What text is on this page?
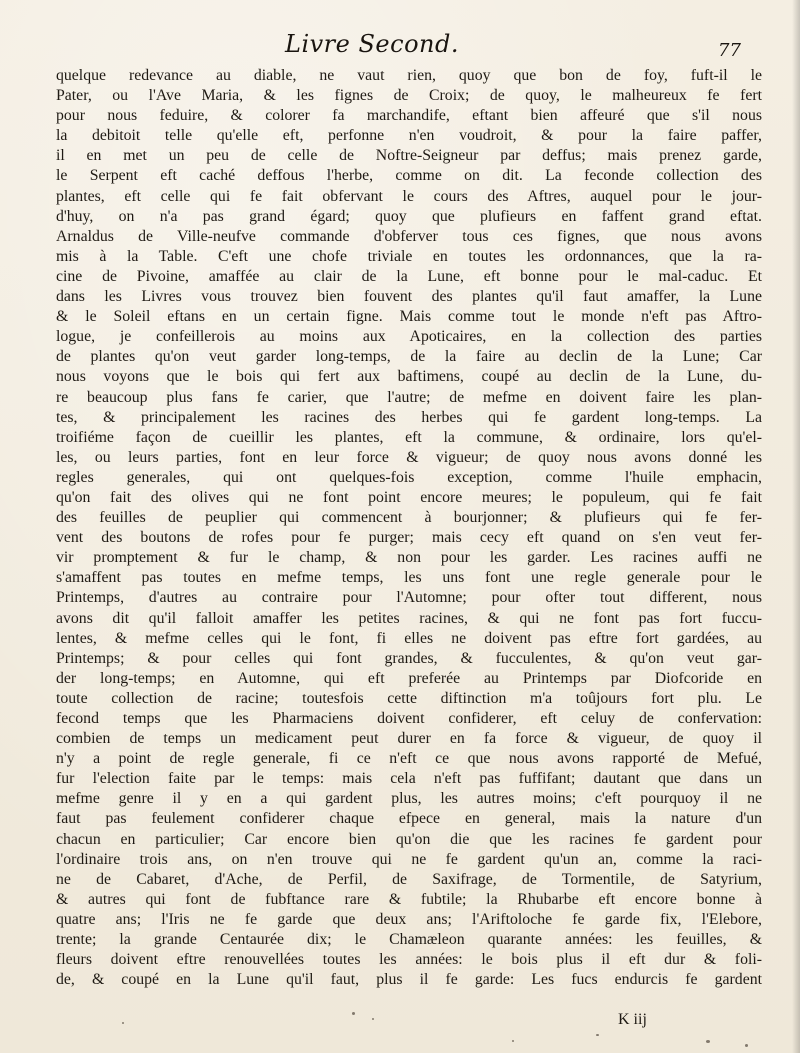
Livre Second.	77
quelque redevance au diable, ne vaut rien, quoy que bon de foy, fuft-il le
Pater, ou l'Ave Maria, & les fignes de Croix; de quoy, le malheureux fe fert
pour nous feduire, & colorer fa marchandife, eftant bien affeuré que s'il nous
la debitoit telle qu'elle eft, perfonne n'en voudroit, & pour la faire paffer,
il en met un peu de celle de Noftre-Seigneur par deffus; mais prenez garde,
le Serpent eft caché deffous l'herbe, comme on dit. La feconde collection des
plantes, eft celle qui fe fait obfervant le cours des Aftres, auquel pour le jour-
d'huy, on n'a pas grand égard; quoy que plufieurs en faffent grand eftat.
Arnaldus de Ville-neufve commande d'obferver tous ces fignes, que nous avons
mis à la Table. C'eft une chofe triviale en toutes les ordonnances, que la ra-
cine de Pivoine, amaffée au clair de la Lune, eft bonne pour le mal-caduc. Et
dans les Livres vous trouvez bien fouvent des plantes qu'il faut amaffer, la Lune
& le Soleil eftans en un certain figne. Mais comme tout le monde n'eft pas Aftro-
logue, je confeillerois au moins aux Apoticaires, en la collection des parties
de plantes qu'on veut garder long-temps, de la faire au declin de la Lune; Car
nous voyons que le bois qui fert aux baftimens, coupé au declin de la Lune, du-
re beaucoup plus fans fe carier, que l'autre; de mefme en doivent faire les plan-
tes, & principalement les racines des herbes qui fe gardent long-temps. La
troifiéme façon de cueillir les plantes, eft la commune, & ordinaire, lors qu'el-
les, ou leurs parties, font en leur force & vigueur; de quoy nous avons donné les
regles generales, qui ont quelques-fois exception, comme l'huile emphacin,
qu'on fait des olives qui ne font point encore meures; le populeum, qui fe fait
des feuilles de peuplier qui commencent à bourjonner; & plufieurs qui fe fer-
vent des boutons de rofes pour fe purger; mais cecy eft quand on s'en veut fer-
vir promptement & fur le champ, & non pour les garder. Les racines auffi ne
s'amaffent pas toutes en mefme temps, les uns font une regle generale pour le
Printemps, d'autres au contraire pour l'Automne; pour ofter tout different, nous
avons dit qu'il falloit amaffer les petites racines, & qui ne font pas fort fuccu-
lentes, & mefme celles qui le font, fi elles ne doivent pas eftre fort gardées, au
Printemps; & pour celles qui font grandes, & fucculentes, & qu'on veut gar-
der long-temps; en Automne, qui eft preferée au Printemps par Diofcoride en
toute collection de racine; toutesfois cette diftinction m'a toûjours fort plu. Le
fecond temps que les Pharmaciens doivent confiderer, eft celuy de confervation:
combien de temps un medicament peut durer en fa force & vigueur, de quoy il
n'y a point de regle generale, fi ce n'eft ce que nous avons rapporté de Mefué,
fur l'election faite par le temps: mais cela n'eft pas fuffifant; dautant que dans un
mefme genre il y en a qui gardent plus, les autres moins; c'eft pourquoy il ne
faut pas feulement confiderer chaque efpece en general, mais la nature d'un
chacun en particulier; Car encore bien qu'on die que les racines fe gardent pour
l'ordinaire trois ans, on n'en trouve qui ne fe gardent qu'un an, comme la raci-
ne de Cabaret, d'Ache, de Perfil, de Saxifrage, de Tormentile, de Satyrium,
& autres qui font de fubftance rare & fubtile; la Rhubarbe eft encore bonne à
quatre ans; l'Iris ne fe garde que deux ans; l'Ariftoloche fe garde fix, l'Elebore,
trente; la grande Centaurée dix; le Chamæleon quarante années: les feuilles, &
fleurs doivent eftre renouvellées toutes les années: le bois plus il eft dur & foli-
de, & coupé en la Lune qu'il faut, plus il fe garde: Les fucs endurcis fe gardent
K iij
